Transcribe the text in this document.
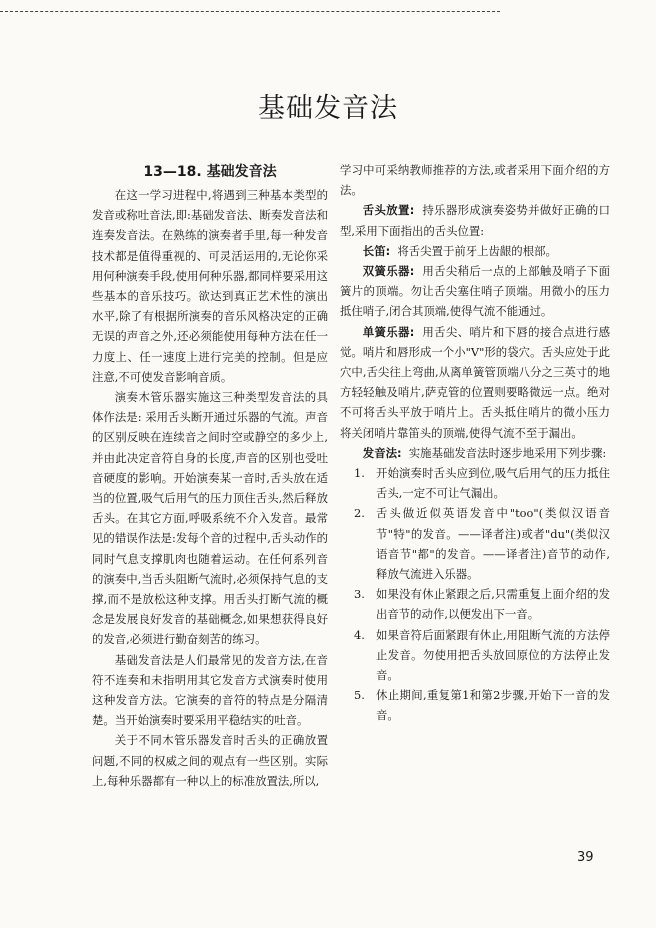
基础发音法
13—18. 基础发音法

在这一学习进程中,将遇到三种基本类型的发音或称吐音法,即:基础发音法、断奏发音法和连奏发音法。在熟练的演奏者手里,每一种发音技术都是值得重视的、可灵活运用的,无论你采用何种演奏手段,使用何种乐器,都同样要采用这些基本的音乐技巧。欲达到真正艺术性的演出水平,除了有根据所演奏的音乐风格决定的正确无误的声音之外,还必须能使用每种方法在任一力度上、任一速度上进行完美的控制。但是应注意,不可使发音影响音质。

演奏木管乐器实施这三种类型发音法的具体作法是: 采用舌头断开通过乐器的气流。声音的区别反映在连续音之间时空或静空的多少上,并由此决定音符自身的长度,声音的区别也受吐音硬度的影响。开始演奏某一音时,舌头放在适当的位置,吸气后用气的压力顶住舌头,然后释放舌头。在其它方面,呼吸系统不介入发音。最常见的错误作法是:发每个音的过程中,舌头动作的同时气息支撑肌肉也随着运动。在任何系列音的演奏中,当舌头阻断气流时,必须保持气息的支撑,而不是放松这种支撑。用舌头打断气流的概念是发展良好发音的基础概念,如果想获得良好的发音,必须进行勤奋刻苦的练习。

基础发音法是人们最常见的发音方法,在音符不连奏和未指明用其它发音方式演奏时使用这种发音方法。它演奏的音符的特点是分隔清楚。当开始演奏时要采用平稳结实的吐音。

关于不同木管乐器发音时舌头的正确放置问题,不同的权威之间的观点有一些区别。实际上,每种乐器都有一种以上的标准放置法,所以,

学习中可采纳教师推荐的方法,或者采用下面介绍的方法。

舌头放置: 持乐器形成演奏姿势并做好正确的口型,采用下面指出的舌头位置:

长笛: 将舌尖置于前牙上齿龈的根部。

双簧乐器: 用舌尖稍后一点的上部触及哨子下面簧片的顶端。勿让舌尖塞住哨子顶端。用微小的压力抵住哨子,闭合其顶端,使得气流不能通过。

单簧乐器: 用舌尖、哨片和下唇的接合点进行感觉。哨片和唇形成一个小"V"形的袋穴。舌头应处于此穴中,舌尖往上弯曲,从离单簧管顶端八分之三英寸的地方轻轻触及哨片,萨克管的位置则要略微远一点。绝对不可将舌头平放于哨片上。舌头抵住哨片的微小压力将关闭哨片靠笛头的顶端,使得气流不至于漏出。

发音法: 实施基础发音法时逐步地采用下列步骤:

1. 开始演奏时舌头应到位,吸气后用气的压力抵住舌头,一定不可让气漏出。
2. 舌头做近似英语发音中"too"(类似汉语音节"特"的发音。——译者注)或者"du"(类似汉语音节"都"的发音。——译者注)音节的动作,释放气流进入乐器。
3. 如果没有休止紧跟之后,只需重复上面介绍的发出音节的动作,以便发出下一音。
4. 如果音符后面紧跟有休止,用阻断气流的方法停止发音。勿使用把舌头放回原位的方法停止发音。
5. 休止期间,重复第1和第2步骤,开始下一音的发音。
39
